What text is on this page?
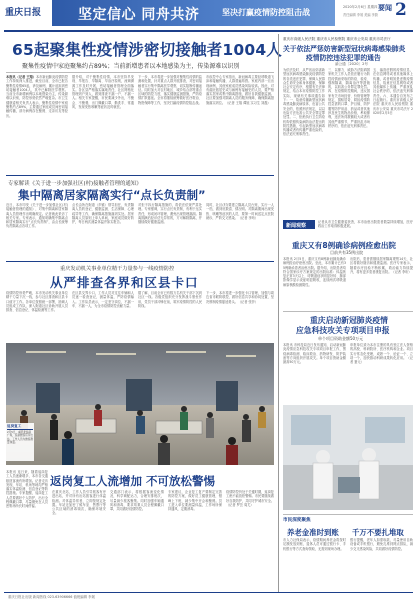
重庆日报	坚定信心 同舟共济	坚决打赢疫情防控阻击战
2020年2月6日 星期四 要闻 2
责任编辑 李晟 美编 李蔚
65起聚集性疫情涉密切接触者1004人
聚集性疫情中家庭聚集约占89%；当前新增患者以本地感染为主，传染源难以识别
本报讯（记者 王翔）本市新冠肺炎疫情防控工作持续深入推进，截至目前，全市已报告聚集性疫情65起，涉及病例，累计追踪到密切接触者1004人，其中已解除医学观察。当前全市新增病例以本地感染为主，传染源难以识别，防控形势依然严峻复杂。市卫生健康委相关负责人表示，聚集性疫情中家庭聚集约占89%，主要通过家庭成员间密切接触传播，部分病例存在聚餐、走亲访友等经历。
据介绍，对于聚集性疫情，本市坚持早发现、早报告、早隔离、早治疗原则，流调溯源工作及时开展，密切接触者管理全面落实。各区县严格落实属地责任，社区网格化管理到户到人，做到排查不漏一户、不漏一人。相关专家提醒，市民要减少外出，不聚会、不聚餐，出门佩戴口罩，勤洗手、常通风，发现发热咳嗽等症状及时就医。
下一步，本市将进一步加强对聚集性疫情的监测和处置，针对重点人群开展排查，对密切接触者实行集中隔离医学观察，切实阻断传播途径。同时加大对农村地区、城乡结合部等重点区域的防控力度，落实健康监测措施，严防疫情扩散蔓延。全市将继续统筹做好医疗救治、物资保障等工作，坚决打赢疫情防控阻击战。
市疾控中心专家指出，新冠病毒主要经呼吸道飞沫和接触传播，人群普遍易感。家庭内部一旦出现病例，其他家庭成员感染风险较高。因此，对有湖北旅居史或与病例有接触史的人员，要严格落实居家或集中隔离措施，做好自我健康监测。社区要加强对隔离人员的服务保障，确保隔离措施落实到位。（记者 王翔 谭旭 实习生 刘磊）
专家解读《关于进一步加强社区(村)接触者管理的通知》
集中隔离居家隔离实行“点长负责制”
近日，本市印发《关于进一步加强社区(村)接触者管理的通知》，对集中隔离和居家隔离人员管理作出明确规定。记者就此采访了相关专家。专家表示，通知明确集中隔离点和居家隔离实行“点长负责制”，由点长统筹负责隔离点各项工作。
点长由所在街道（乡镇）领导担任，负责隔离人员的登记、健康监测、生活保障、心理疏导等工作，确保隔离措施落到实处。居家隔离人员原则上单人单间，家庭成员做好防护，每日两次测量体温并如实报告。
对拒不执行隔离措施的，将依法依规严肃处理。专家强调，实行点长负责制，有利于压实责任，形成闭环管理，避免出现管理漏洞。隔离期满后经评估无异常的，方可解除隔离，并继续做好健康监测。
同时，社区(村)要建立隔离人员台账，实行一人一档，做到底数清、情况明。对隔离期间出现发热、咳嗽等症状的人员，要第一时间送定点医院就诊，严防交叉感染。（记者 李珩）
重庆发动机关事业单位精干力量参与一线疫情防控
从严排查各界和区县卡口
疫情防控形势严峻，本市发动机关事业单位精干力量下沉一线，参与社区排查和区县卡口值守工作。各单位按照统一部署，抽调人员组成工作队，深入街道社区协助开展人员排查、信息登记、体温检测等工作。
在区县交界卡口，工作人员对过往车辆和人员逐一检查登记，测量体温，严防疫情输入。工作队员表示，一定坚守岗位，不漏一车、不漏一人，为全市疫情防控贡献力量。
据了解，目前全市已有数万名机关干部下沉到社区一线。各级党组织充分发挥战斗堡垒作用，党员干部冲锋在前，筑牢疫情防控的人民防线。
下一步，本市将进一步强化卡口管理，加强与周边省市联防联控，做好信息共享和协同处置，坚决遏制疫情蔓延势头。（记者 张莎）
返岗复工
2月5日，重庆北站南广场，返渝旅客有序出站，工作人员为旅客测量体温。
返岗复工人流增加 不可放松警惕
本报讯 连日来，随着返岗复工人员逐渐增多，本市各交通枢纽客流有所增加。记者走访发现，车站、机场等地均严格落实体温检测、信息登记等防控措施。专家提醒，返岗复工人员要做好个人防护，出行全程佩戴口罩，尽量避免在人员密集场所长时间停留。
在重庆北站，工作人员引导旅客有序进出站，并对所有出站旅客进行体温检测。对体温异常者，立即按规定处置。车站还加密了候车室、售票厅等公共区域的消毒频次，确保环境安全。
交通部门表示，将根据客流变化情况，科学调配运力，合理安排班次，尽量减少旅客聚集。同时加强车厢通风和消毒，要求驾乘人员全程佩戴口罩，共同做好疫情防控。
专家建议，企业复工复产要制定完善的防控方案，做好员工健康管理，错峰上下班，减少集中开会和聚餐。员工进入单位要测量体温，工作场所保持通风，定期消毒。
疫情防控仍处于关键时期，返岗复工绝不能放松警惕。市民要继续做好自我防护，共同守护城市安全。（记者 罗芸 周尤）
重庆市高级人民法院 重庆市人民检察院 重庆市公安局 重庆市司法厅
关于依法严惩妨害新型冠状病毒感染肺炎
疫情防控违法犯罪的通告
渝公通〔2020〕2号
为依法及时、从严惩治妨害新型冠状病毒感染肺炎疫情防控的各类违法犯罪，保障人民群众生命安全和身体健康，保障社会安定有序，根据有关法律规定，结合本市疫情防控工作实际，现就有关事项通告如下：一、故意传播新型冠状病毒感染肺炎病原体，危害公共安全的，依照刑法规定，以以危险方法危害公共安全罪定罪处罚。二、拒绝执行卫生防疫机构依照传染病防治法提出的防控措施，引起新型冠状病毒传播或者有传播严重危险的，依法追究刑事责任。
三、以暴力、威胁方法阻碍国家机关工作人员依法履行为防控疫情而采取的防疫、检疫、强制隔离、隔离治疗等措施的，以妨害公务罪定罪处罚。四、在疫情防控期间，违反国家有关市场经营、价格管理等规定，囤积居奇，哄抬疫情防控急需的口罩、护目镜、防护服等防护用品、药品或者其他涉及民生的物品价格，牟取暴利，违法所得数额较大或者有其他严重情节，严重扰乱市场秩序的，依法追究刑事责任。
五、编造虚假的疫情信息，在信息网络或者其他媒体上传播，或者明知是虚假疫情信息，故意在信息网络或者其他媒体上传播，严重扰乱社会秩序的，依法追究刑事责任。六、本通告自发布之日起施行。重庆市高级人民法院 重庆市人民检察院 重庆市公安局 重庆市司法厅 2020年2月5日
新闻观察
记者从市卫生健康委获悉，本市治愈出院患者数量持续增加，医疗救治工作取得积极进展。
重庆又有8例确诊病例痊愈出院
目前共有35例出院
本报讯 2月5日，重庆又有8例新冠肺炎确诊病例经治疗痊愈出院。至此，本市累计已有35例确诊患者治愈出院。据介绍，出院患者均符合国家诊疗方案规定的出院标准：体温恢复正常3天以上、呼吸道症状明显好转、肺部影像学显示炎症明显吸收，连续两次呼吸道病原核酸检测阴性。
出院后，患者需继续居家隔离观察14天，社区将做好随访和健康监测。医疗专家表示，随着诊疗经验不断积累，救治能力持续提升，将有更多患者康复出院。（记者 李珩）
重庆启动新冠肺炎疫情
应急科技攻关专项项目申报
单个项目资助金额50万元
本报讯 市科技局近日发布通知，启动新冠肺炎疫情应急科技攻关专项项目申报工作，围绕病毒检测、临床救治、药物研发、防护装备等方向组织开展攻关。单个项目资助金额最高50万元。
申报单位须为本市注册的具有独立法人资格的高校、科研院所、医疗机构和企业。项目实行常态化受理，成熟一个、论证一个、立项一个，加快推动科研成果转化应用。（记者 夏元）
市民深度聚焦
养老金准时到账 千万不要扎堆取
市人力社保局表示，疫情期间养老金将按时足额发放到账，退休人员可通过银行卡、手机银行等方式查询领取，无需到现场办理。
银行提醒，老年人如需取款，尽量使用自助设备或手机银行，避免扎堆到网点排队，减少交叉感染风险，共同做好疫情防控。
重庆日报社出版 新闻热线 023-63906666 值班编辑 李晟
